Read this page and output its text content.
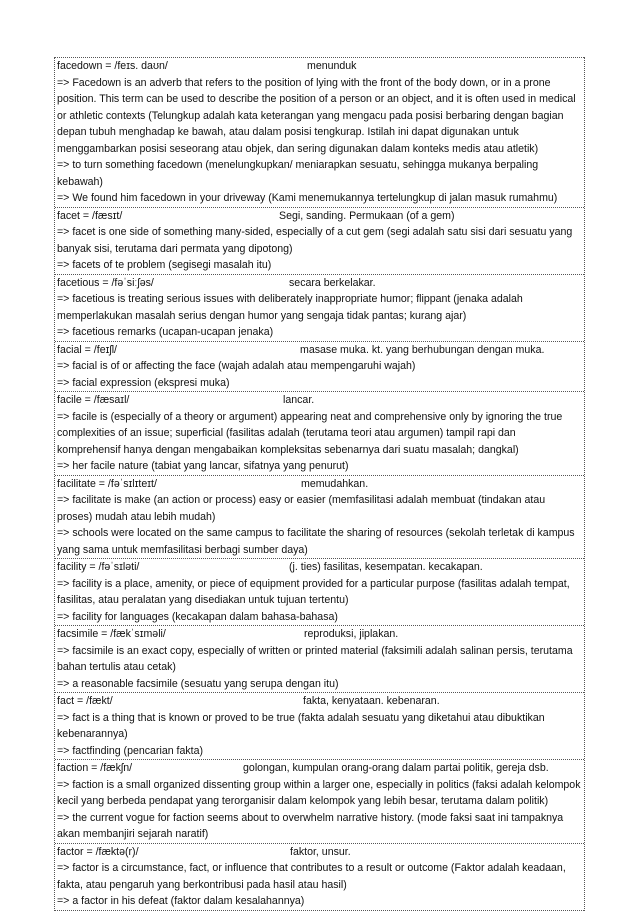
facedown = /feɪs. daʊn/	menunduk
=> Facedown is an adverb that refers to the position of lying with the front of the body down, or in a prone position. This term can be used to describe the position of a person or an object, and it is often used in medical or athletic contexts (Telungkup adalah kata keterangan yang mengacu pada posisi berbaring dengan bagian depan tubuh menghadap ke bawah, atau dalam posisi tengkurap. Istilah ini dapat digunakan untuk menggambarkan posisi seseorang atau objek, dan sering digunakan dalam konteks medis atau atletik)
=> to turn something facedown (menelungkupkan/ meniarapkan sesuatu, sehingga mukanya berpaling kebawah)
=> We found him facedown in your driveway (Kami menemukannya tertelungkup di jalan masuk rumahmu)
facet = /fæsɪt/	Segi, sanding. Permukaan (of a gem)
=> facet is one side of something many-sided, especially of a cut gem (segi adalah satu sisi dari sesuatu yang banyak sisi, terutama dari permata yang dipotong)
=> facets of te problem (segisegi masalah itu)
facetious = /fəˈsiːʃəs/	secara berkelakar.
=> facetious is treating serious issues with deliberately inappropriate humor; flippant (jenaka adalah memperlakukan masalah serius dengan humor yang sengaja tidak pantas; kurang ajar)
=> facetious remarks (ucapan-ucapan jenaka)
facial = /feɪʃl/	masase muka. kt. yang berhubungan dengan muka.
=> facial is of or affecting the face (wajah adalah atau mempengaruhi wajah)
=> facial expression (ekspresi muka)
facile = /fæsaɪl/	lancar.
=> facile is (especially of a theory or argument) appearing neat and comprehensive only by ignoring the true complexities of an issue; superficial (fasilitas adalah (terutama teori atau argumen) tampil rapi dan komprehensif hanya dengan mengabaikan kompleksitas sebenarnya dari suatu masalah; dangkal)
=> her facile nature (tabiat yang lancar, sifatnya yang penurut)
facilitate = /fəˈsɪlɪteɪt/	memudahkan.
=> facilitate is make (an action or process) easy or easier (memfasilitasi adalah membuat (tindakan atau proses) mudah atau lebih mudah)
=> schools were located on the same campus to facilitate the sharing of resources (sekolah terletak di kampus yang sama untuk memfasilitasi berbagi sumber daya)
facility = /fəˈsɪləti/	(j. ties) fasilitas, kesempatan. kecakapan.
=> facility is a place, amenity, or piece of equipment provided for a particular purpose (fasilitas adalah tempat, fasilitas, atau peralatan yang disediakan untuk tujuan tertentu)
=> facility for languages (kecakapan dalam bahasa-bahasa)
facsimile = /fækˈsɪməli/	reproduksi, jiplakan.
=> facsimile is an exact copy, especially of written or printed material (faksimili adalah salinan persis, terutama bahan tertulis atau cetak)
=> a reasonable facsimile (sesuatu yang serupa dengan itu)
fact = /fækt/	fakta, kenyataan. kebenaran.
=> fact is a thing that is known or proved to be true (fakta adalah sesuatu yang diketahui atau dibuktikan kebenarannya)
=> factfinding (pencarian fakta)
faction = /fækʃn/	golongan, kumpulan orang-orang dalam partai politik, gereja dsb.
=> faction is a small organized dissenting group within a larger one, especially in politics (faksi adalah kelompok kecil yang berbeda pendapat yang terorganisir dalam kelompok yang lebih besar, terutama dalam politik)
=> the current vogue for faction seems about to overwhelm narrative history. (mode faksi saat ini tampaknya akan membanjiri sejarah naratif)
factor = /fæktə(r)/	faktor, unsur.
=> factor is a circumstance, fact, or influence that contributes to a result or outcome (Faktor adalah keadaan, fakta, atau pengaruh yang berkontribusi pada hasil atau hasil)
=> a factor in his defeat (faktor dalam kesalahannya)
